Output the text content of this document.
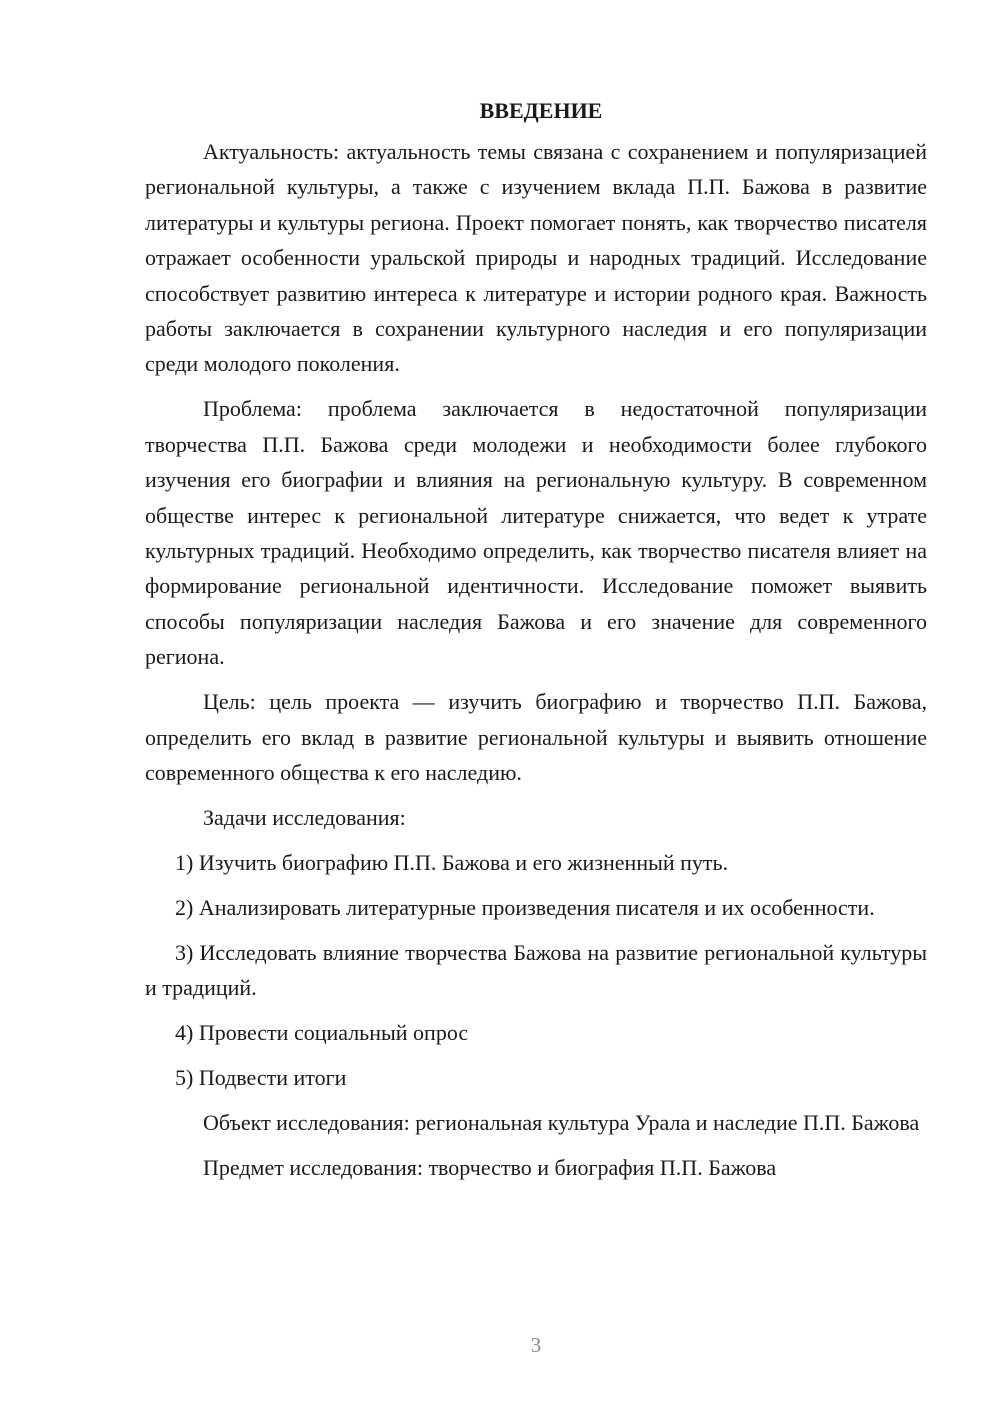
ВВЕДЕНИЕ

Актуальность: актуальность темы связана с сохранением и популяризацией региональной культуры, а также с изучением вклада П.П. Бажова в развитие литературы и культуры региона. Проект помогает понять, как творчество писателя отражает особенности уральской природы и народных традиций. Исследование способствует развитию интереса к литературе и истории родного края. Важность работы заключается в сохранении культурного наследия и его популяризации среди молодого поколения.

Проблема: проблема заключается в недостаточной популяризации творчества П.П. Бажова среди молодежи и необходимости более глубокого изучения его биографии и влияния на региональную культуру. В современном обществе интерес к региональной литературе снижается, что ведет к утрате культурных традиций. Необходимо определить, как творчество писателя влияет на формирование региональной идентичности. Исследование поможет выявить способы популяризации наследия Бажова и его значение для современного региона.

Цель: цель проекта — изучить биографию и творчество П.П. Бажова, определить его вклад в развитие региональной культуры и выявить отношение современного общества к его наследию.

Задачи исследования:

1) Изучить биографию П.П. Бажова и его жизненный путь.

2) Анализировать литературные произведения писателя и их особенности.

3) Исследовать влияние творчества Бажова на развитие региональной культуры и традиций.

4) Провести социальный опрос

5) Подвести итоги

Объект исследования: региональная культура Урала и наследие П.П. Бажова

Предмет исследования: творчество и биография П.П. Бажова

3
